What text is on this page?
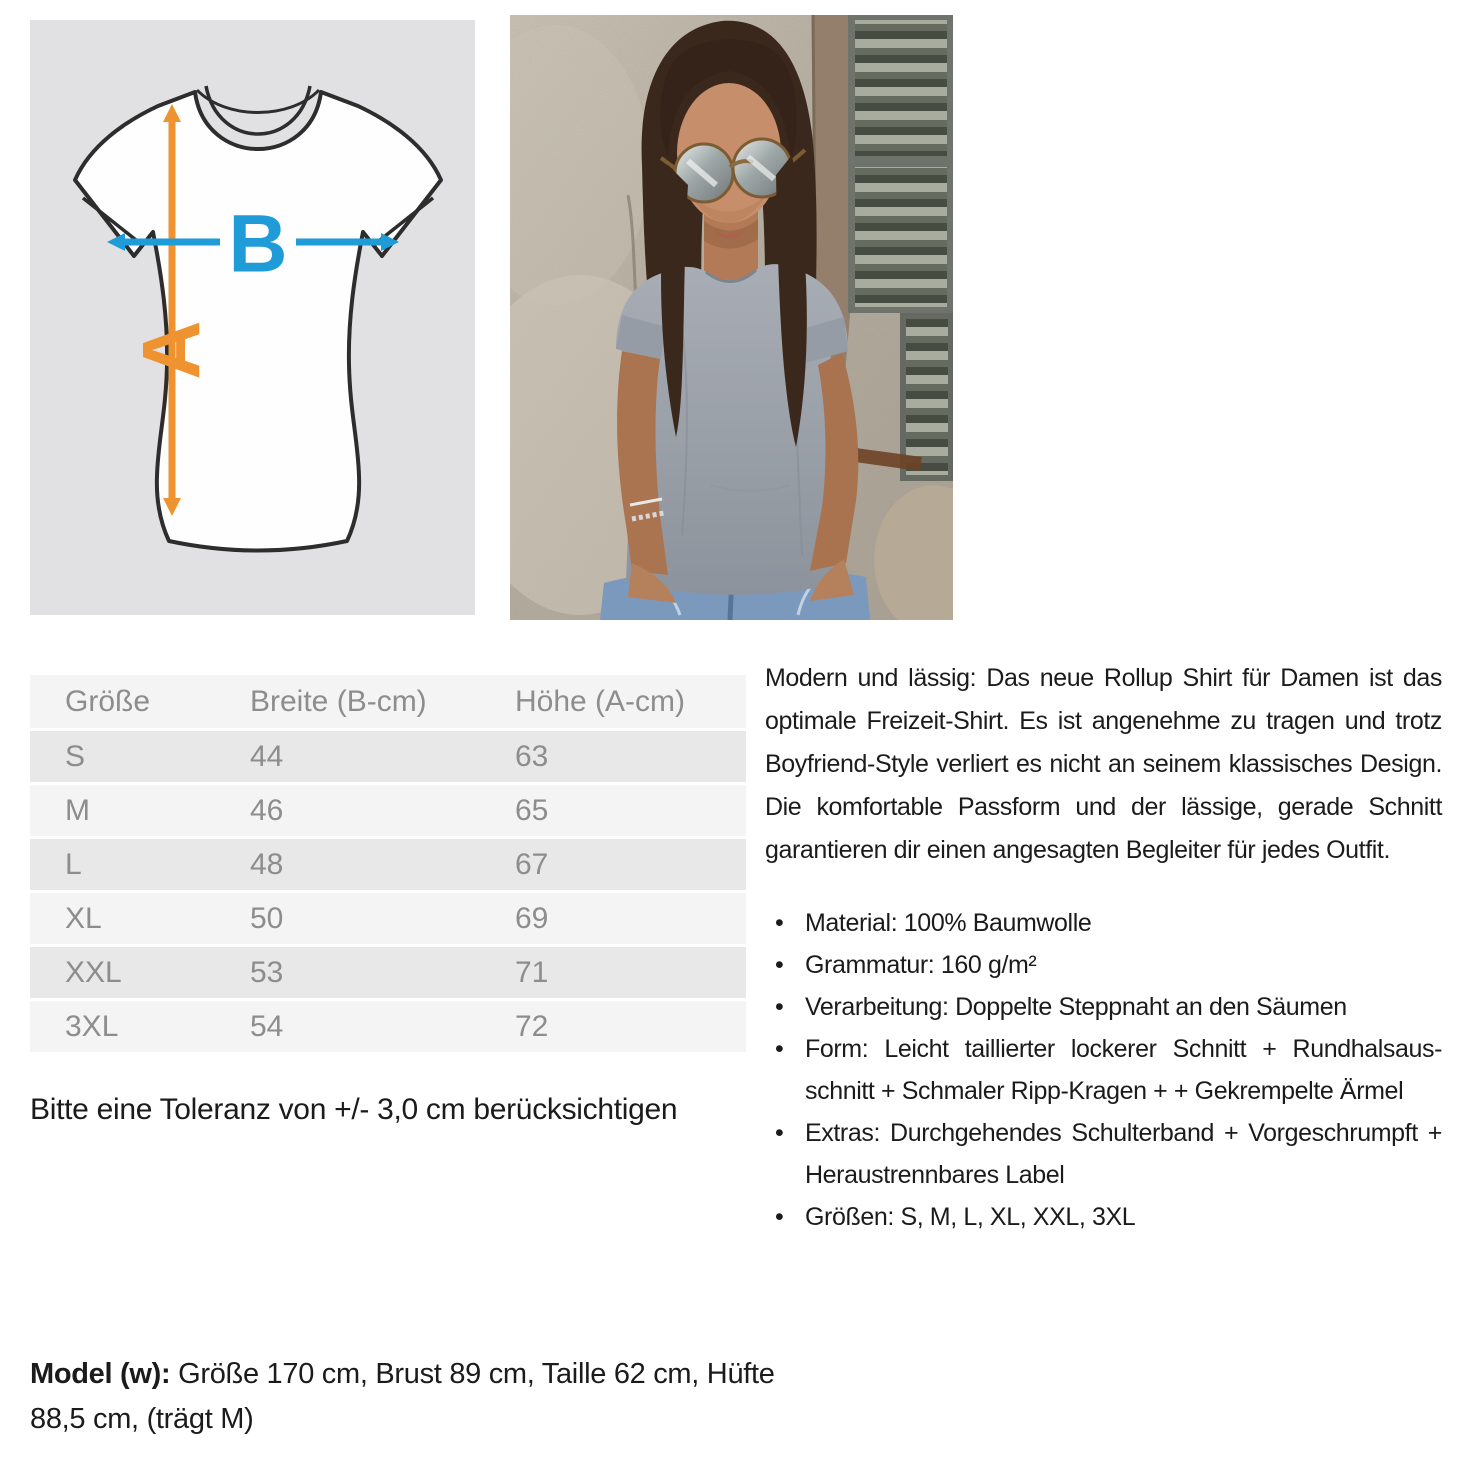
A
B
Größe	Breite (B-cm)	Höhe (A-cm)
S	44	63
M	46	65
L	48	67
XL	50	69
XXL	53	71
3XL	54	72
Bitte eine Toleranz von +/- 3,0 cm berücksichtigen

Modern und lässig: Das neue Rollup Shirt für Damen ist das optimale Freizeit-Shirt. Es ist angenehme zu tragen und trotz Boyfriend-Style verliert es nicht an seinem klassisches Design. Die komfortable Passform und der lässige, gerade Schnitt garantieren dir einen angesagten Begleiter für jedes Outfit.

• Material: 100% Baumwolle
• Grammatur: 160 g/m²
• Verarbeitung: Doppelte Steppnaht an den Säumen
• Form: Leicht taillierter lockerer Schnitt + Rundhalsaus-schnitt + Schmaler Ripp-Kragen + + Gekrempelte Ärmel
• Extras: Durchgehendes Schulterband + Vorgeschrumpft + Heraustrennbares Label
• Größen: S, M, L, XL, XXL, 3XL

Model (w): Größe 170 cm, Brust 89 cm, Taille 62 cm, Hüfte 88,5 cm, (trägt M)
